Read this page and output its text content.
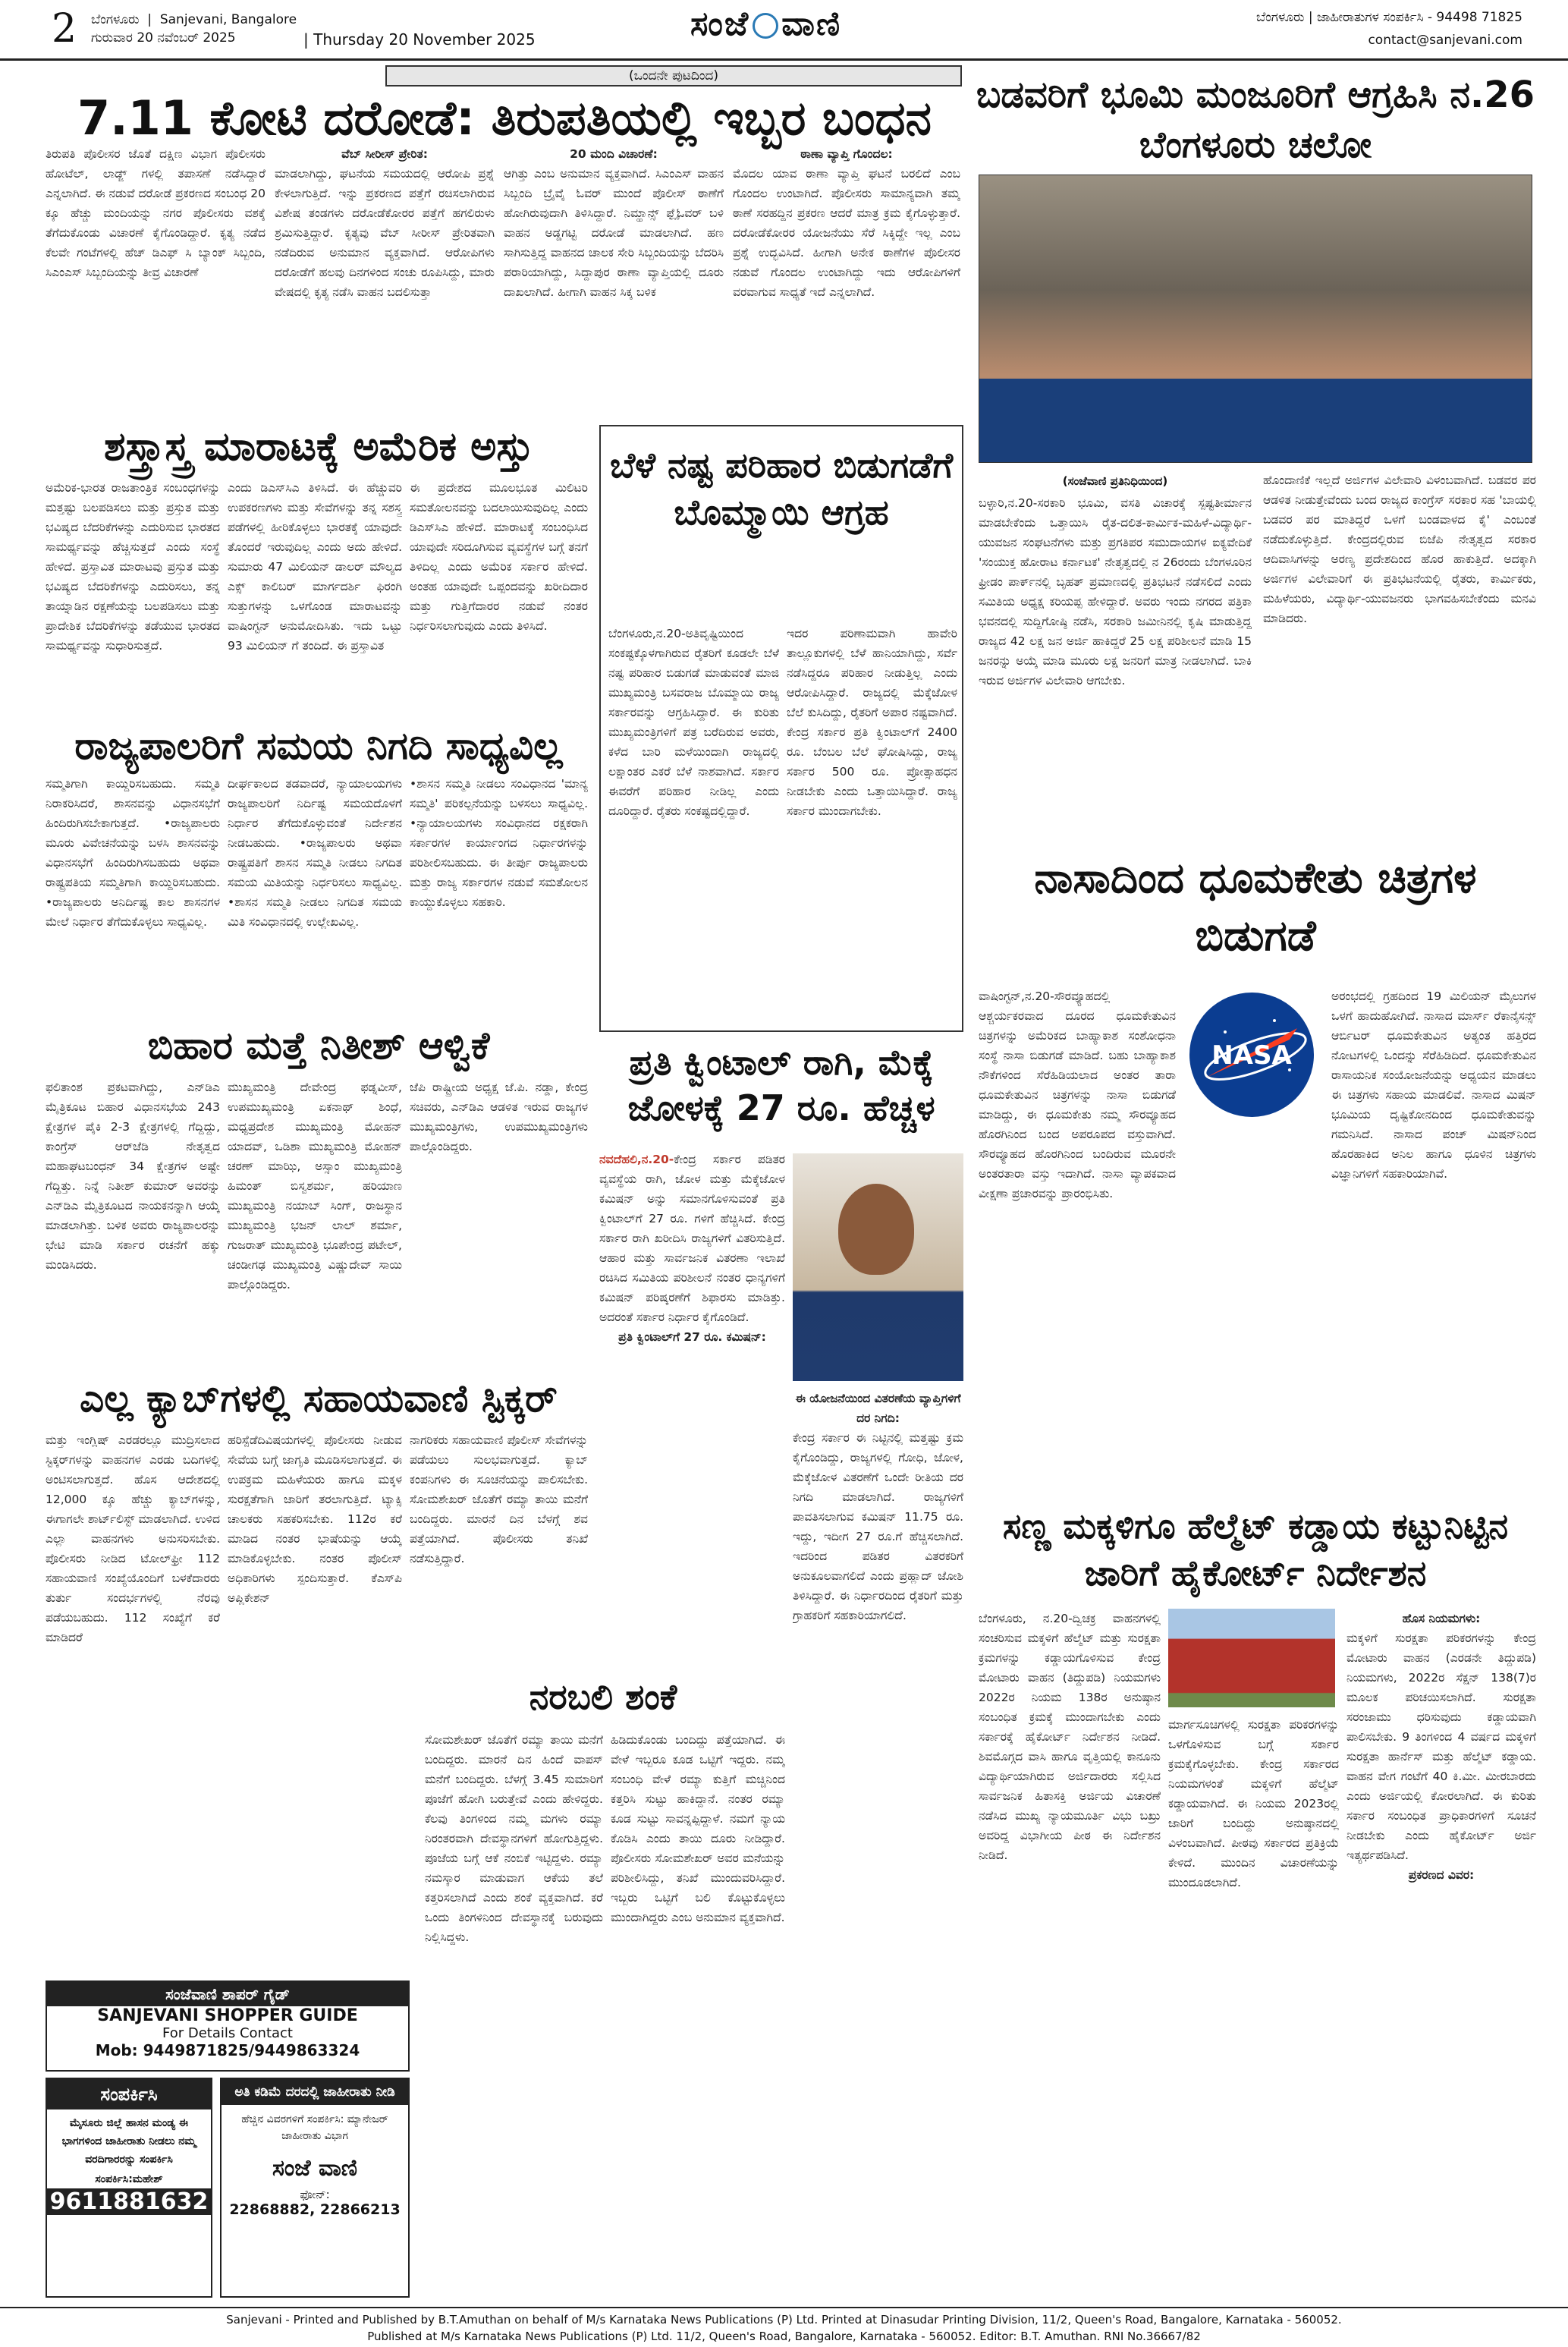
2 ಬೆಂಗಳೂರು  |  Sanjevani, Bangalore
ಗುರುವಾರ 20 ನವೆಂಬರ್ 2025	| Thursday 20 November 2025	ಸಂಜೆ ವಾಣಿ	ಬೆಂಗಳೂರು | ಜಾಹೀರಾತುಗಳ ಸಂಪರ್ಕಿಸಿ - 94498 71825
contact@sanjevani.com
(ಒಂದನೇ ಪುಟದಿಂದ)
7.11 ಕೋಟಿ ದರೋಡೆ: ತಿರುಪತಿಯಲ್ಲಿ ಇಬ್ಬರ ಬಂಧನ
ತಿರುಪತಿ ಪೊಲೀಸರ ಜೊತೆ ದಕ್ಷಿಣ ವಿಭಾಗ ಪೊಲೀಸರು ಹೋಟೆಲ್, ಲಾಡ್ಜ್ ಗಳಲ್ಲಿ ತಪಾಸಣೆ ನಡೆಸಿದ್ದಾರೆ ಎನ್ನಲಾಗಿದೆ. ಈ ನಡುವೆ ದರೋಡೆ ಪ್ರಕರಣದ ಸಂಬಂಧ 20 ಕ್ಕೂ ಹೆಚ್ಚು ಮಂದಿಯನ್ನು ನಗರ ಪೊಲೀಸರು ವಶಕ್ಕೆ ತೆಗೆದುಕೊಂಡು ವಿಚಾರಣೆ ಕೈಗೊಂಡಿದ್ದಾರೆ. ಕೃತ್ಯ ನಡೆದ ಕೆಲವೇ ಗಂಟೆಗಳಲ್ಲಿ ಹೆಚ್ ಡಿಎಫ್ ಸಿ ಬ್ಯಾಂಕ್ ಸಿಬ್ಬಂದಿ, ಸಿಎಂಎಸ್ ಸಿಬ್ಬಂದಿಯನ್ನು ತೀವ್ರ ವಿಚಾರಣೆ
ವೆಬ್ ಸೀರೀಸ್ ಪ್ರೇರಿತ:
ಮಾಡಲಾಗಿದ್ದು, ಘಟನೆಯ ಸಮಯದಲ್ಲಿ ಆರೋಪಿ ಪ್ರಶ್ನೆ ಕೇಳಲಾಗುತ್ತಿದೆ. ಇನ್ನು ಪ್ರಕರಣದ ಪತ್ತೆಗೆ ರಚಿಸಲಾಗಿರುವ ವಿಶೇಷ ತಂಡಗಳು ದರೋಡೆಕೋರರ ಪತ್ತೆಗೆ ಹಗಲಿರುಳು ಶ್ರಮಿಸುತ್ತಿದ್ದಾರೆ. ಕೃತ್ಯವು ವೆಬ್ ಸೀರೀಸ್ ಪ್ರೇರಿತವಾಗಿ ನಡೆದಿರುವ ಅನುಮಾನ ವ್ಯಕ್ತವಾಗಿದೆ. ಆರೋಪಿಗಳು ದರೋಡೆಗೆ ಹಲವು ದಿನಗಳಿಂದ ಸಂಚು ರೂಪಿಸಿದ್ದು, ಮಾರು ವೇಷದಲ್ಲಿ ಕೃತ್ಯ ನಡೆಸಿ ವಾಹನ ಬದಲಿಸುತ್ತಾ
20 ಮಂದಿ ವಿಚಾರಣೆ:
ಆಗಿತ್ತು ಎಂಬ ಅನುಮಾನ ವ್ಯಕ್ತವಾಗಿದೆ. ಸಿಎಂಎಸ್ ವಾಹನ ಸಿಬ್ಬಂದಿ ಬ್ರೈವೈ ಓವರ್ ಮುಂದೆ ಪೊಲೀಸ್ ಠಾಣೆಗೆ ಹೋಗಿರುವುದಾಗಿ ತಿಳಿಸಿದ್ದಾರೆ. ನಿಮ್ಹಾನ್ಸ್ ಫ್ಲೈಓವರ್ ಬಳಿ ವಾಹನ ಅಡ್ಡಗಟ್ಟಿ ದರೋಡೆ ಮಾಡಲಾಗಿದೆ. ಹಣ ಸಾಗಿಸುತ್ತಿದ್ದ ವಾಹನದ ಚಾಲಕ ಸೇರಿ ಸಿಬ್ಬಂದಿಯನ್ನು ಬೆದರಿಸಿ ಪರಾರಿಯಾಗಿದ್ದು, ಸಿದ್ದಾಪುರ ಠಾಣಾ ವ್ಯಾಪ್ತಿಯಲ್ಲಿ ದೂರು ದಾಖಲಾಗಿದೆ. ಹೀಗಾಗಿ ವಾಹನ ಸಿಕ್ಕ ಬಳಿಕ
ಠಾಣಾ ವ್ಯಾಪ್ತಿ ಗೊಂದಲ:
ಮೊದಲ ಯಾವ ಠಾಣಾ ವ್ಯಾಪ್ತಿ ಘಟನೆ ಬರಲಿದೆ ಎಂಬ ಗೊಂದಲ ಉಂಟಾಗಿದೆ. ಪೊಲೀಸರು ಸಾಮಾನ್ಯವಾಗಿ ತಮ್ಮ ಠಾಣೆ ಸರಹದ್ದಿನ ಪ್ರಕರಣ ಆದರೆ ಮಾತ್ರ ಕ್ರಮ ಕೈಗೊಳ್ಳುತ್ತಾರೆ. ದರೋಡೆಕೋರರ ಯೋಜನೆಯು ಸೆರೆ ಸಿಕ್ಕಿದ್ದೇ ಇಲ್ಲ ಎಂಬ ಪ್ರಶ್ನೆ ಉದ್ಭವಿಸಿದೆ. ಹೀಗಾಗಿ ಅನೇಕ ಠಾಣೆಗಳ ಪೊಲೀಸರ ನಡುವೆ ಗೊಂದಲ ಉಂಟಾಗಿದ್ದು ಇದು ಆರೋಪಿಗಳಿಗೆ ವರವಾಗುವ ಸಾಧ್ಯತೆ ಇದೆ ಎನ್ನಲಾಗಿದೆ.
ಶಸ್ತ್ರಾಸ್ತ್ರ ಮಾರಾಟಕ್ಕೆ ಅಮೆರಿಕ ಅಸ್ತು
ಅಮೆರಿಕ-ಭಾರತ ರಾಜತಾಂತ್ರಿಕ ಸಂಬಂಧಗಳನ್ನು ಮತ್ತಷ್ಟು ಬಲಪಡಿಸಲು ಮತ್ತು ಪ್ರಸ್ತುತ ಮತ್ತು ಭವಿಷ್ಯದ ಬೆದರಿಕೆಗಳನ್ನು ಎದುರಿಸುವ ಭಾರತದ ಸಾಮರ್ಥ್ಯವನ್ನು ಹೆಚ್ಚಿಸುತ್ತದೆ ಎಂದು ಸಂಸ್ಥೆ ಹೇಳಿದೆ. ಪ್ರಸ್ತಾವಿತ ಮಾರಾಟವು ಪ್ರಸ್ತುತ ಮತ್ತು ಭವಿಷ್ಯದ ಬೆದರಿಕೆಗಳನ್ನು ಎದುರಿಸಲು, ತನ್ನ ತಾಯ್ನಾಡಿನ ರಕ್ಷಣೆಯನ್ನು ಬಲಪಡಿಸಲು ಮತ್ತು ಪ್ರಾದೇಶಿಕ ಬೆದರಿಕೆಗಳನ್ನು ತಡೆಯುವ ಭಾರತದ ಸಾಮರ್ಥ್ಯವನ್ನು ಸುಧಾರಿಸುತ್ತದೆ.
ಎಂದು ಡಿಎಸ್‌ಸಿಎ ತಿಳಿಸಿದೆ. ಈ ಹೆಚ್ಚುವರಿ ಉಪಕರಣಗಳು ಮತ್ತು ಸೇವೆಗಳನ್ನು ತನ್ನ ಸಶಸ್ತ್ರ ಪಡೆಗಳಲ್ಲಿ ಹೀರಿಕೊಳ್ಳಲು ಭಾರತಕ್ಕೆ ಯಾವುದೇ ತೊಂದರೆ ಇರುವುದಿಲ್ಲ ಎಂದು ಅದು ಹೇಳಿದೆ. ಸುಮಾರು 47 ಮಿಲಿಯನ್ ಡಾಲರ್ ಮೌಲ್ಯದ ಎಕ್ಸ್ ಕಾಲಿಬರ್ ಮಾರ್ಗದರ್ಶಿ ಫಿರಂಗಿ ಸುತ್ತುಗಳನ್ನು ಒಳಗೊಂಡ ಮಾರಾಟವನ್ನು ವಾಷಿಂಗ್ಟನ್ ಅನುಮೋದಿಸಿತು. ಇದು ಒಟ್ಟು 93 ಮಿಲಿಯನ್ ಗೆ ತಂದಿದೆ. ಈ ಪ್ರಸ್ತಾವಿತ
ಈ ಪ್ರದೇಶದ ಮೂಲಭೂತ ಮಿಲಿಟರಿ ಸಮತೋಲನವನ್ನು ಬದಲಾಯಿಸುವುದಿಲ್ಲ ಎಂದು ಡಿಎಸ್‌ಸಿಎ ಹೇಳಿದೆ. ಮಾರಾಟಕ್ಕೆ ಸಂಬಂಧಿಸಿದ ಯಾವುದೇ ಸರಿದೂಗಿಸುವ ವ್ಯವಸ್ಥೆಗಳ ಬಗ್ಗೆ ತನಗೆ ತಿಳಿದಿಲ್ಲ ಎಂದು ಅಮೆರಿಕ ಸರ್ಕಾರ ಹೇಳಿದೆ. ಅಂತಹ ಯಾವುದೇ ಒಪ್ಪಂದವನ್ನು ಖರೀದಿದಾರ ಮತ್ತು ಗುತ್ತಿಗೆದಾರರ ನಡುವೆ ನಂತರ ನಿರ್ಧರಿಸಲಾಗುವುದು ಎಂದು ತಿಳಿಸಿದೆ.
ರಾಜ್ಯಪಾಲರಿಗೆ ಸಮಯ ನಿಗದಿ ಸಾಧ್ಯವಿಲ್ಲ
ಸಮ್ಮತಿಗಾಗಿ ಕಾಯ್ದಿರಿಸಬಹುದು. ಸಮ್ಮತಿ ನಿರಾಕರಿಸಿದರೆ, ಶಾಸನವನ್ನು ವಿಧಾನಸಭೆಗೆ ಹಿಂದಿರುಗಿಸಬೇಕಾಗುತ್ತದೆ. •ರಾಜ್ಯಪಾಲರು ಮೂರು ವಿವೇಚನೆಯನ್ನು ಬಳಸಿ ಶಾಸನವನ್ನು ವಿಧಾನಸಭೆಗೆ ಹಿಂದಿರುಗಿಸಬಹುದು ಅಥವಾ ರಾಷ್ಟ್ರಪತಿಯ ಸಮ್ಮತಿಗಾಗಿ ಕಾಯ್ದಿರಿಸಬಹುದು. •ರಾಜ್ಯಪಾಲರು ಅನಿರ್ದಿಷ್ಟ ಕಾಲ ಶಾಸನಗಳ ಮೇಲೆ ನಿರ್ಧಾರ ತೆಗೆದುಕೊಳ್ಳಲು ಸಾಧ್ಯವಿಲ್ಲ.
ದೀರ್ಘಕಾಲದ ತಡವಾದರೆ, ನ್ಯಾಯಾಲಯಗಳು ರಾಜ್ಯಪಾಲರಿಗೆ ನಿರ್ದಿಷ್ಟ ಸಮಯದೊಳಗೆ ನಿರ್ಧಾರ ತೆಗೆದುಕೊಳ್ಳುವಂತೆ ನಿರ್ದೇಶನ ನೀಡಬಹುದು. •ರಾಜ್ಯಪಾಲರು ಅಥವಾ ರಾಷ್ಟ್ರಪತಿಗೆ ಶಾಸನ ಸಮ್ಮತಿ ನೀಡಲು ನಿಗದಿತ ಸಮಯ ಮಿತಿಯನ್ನು ನಿರ್ಧರಿಸಲು ಸಾಧ್ಯವಿಲ್ಲ. •ಶಾಸನ ಸಮ್ಮತಿ ನೀಡಲು ನಿಗದಿತ ಸಮಯ ಮಿತಿ ಸಂವಿಧಾನದಲ್ಲಿ ಉಲ್ಲೇಖವಿಲ್ಲ.
•ಶಾಸನ ಸಮ್ಮತಿ ನೀಡಲು ಸಂವಿಧಾನದ 'ಮಾನ್ಯ ಸಮ್ಮತಿ' ಪರಿಕಲ್ಪನೆಯನ್ನು ಬಳಸಲು ಸಾಧ್ಯವಿಲ್ಲ. •ನ್ಯಾಯಾಲಯಗಳು ಸಂವಿಧಾನದ ರಕ್ಷಕರಾಗಿ ಸರ್ಕಾರಗಳ ಕಾರ್ಯಾಂಗದ ನಿರ್ಧಾರಗಳನ್ನು ಪರಿಶೀಲಿಸಬಹುದು. ಈ ತೀರ್ಪು ರಾಜ್ಯಪಾಲರು ಮತ್ತು ರಾಜ್ಯ ಸರ್ಕಾರಗಳ ನಡುವೆ ಸಮತೋಲನ ಕಾಯ್ದುಕೊಳ್ಳಲು ಸಹಕಾರಿ.
ಬೆಳೆ ನಷ್ಟ ಪರಿಹಾರ ಬಿಡುಗಡೆಗೆ ಬೊಮ್ಮಾಯಿ ಆಗ್ರಹ
ಬೆಂಗಳೂರು,ನ.20-ಅತಿವೃಷ್ಟಿಯಿಂದ ಸಂಕಷ್ಟಕ್ಕೊಳಗಾಗಿರುವ ರೈತರಿಗೆ ಕೂಡಲೇ ಬೆಳೆ ನಷ್ಟ ಪರಿಹಾರ ಬಿಡುಗಡೆ ಮಾಡುವಂತೆ ಮಾಜಿ ಮುಖ್ಯಮಂತ್ರಿ ಬಸವರಾಜ ಬೊಮ್ಮಾಯಿ ರಾಜ್ಯ ಸರ್ಕಾರವನ್ನು ಆಗ್ರಹಿಸಿದ್ದಾರೆ. ಈ ಕುರಿತು ಮುಖ್ಯಮಂತ್ರಿಗಳಿಗೆ ಪತ್ರ ಬರೆದಿರುವ ಅವರು, ಕಳೆದ ಬಾರಿ ಮಳೆಯಿಂದಾಗಿ ರಾಜ್ಯದಲ್ಲಿ ಲಕ್ಷಾಂತರ ಎಕರೆ ಬೆಳೆ ನಾಶವಾಗಿದೆ. ಸರ್ಕಾರ ಈವರೆಗೆ ಪರಿಹಾರ ನೀಡಿಲ್ಲ ಎಂದು ದೂರಿದ್ದಾರೆ. ರೈತರು ಸಂಕಷ್ಟದಲ್ಲಿದ್ದಾರೆ.
ಇದರ ಪರಿಣಾಮವಾಗಿ ಹಾವೇರಿ ತಾಲ್ಲೂಕುಗಳಲ್ಲಿ ಬೆಳೆ ಹಾನಿಯಾಗಿದ್ದು, ಸರ್ವೆ ನಡೆಸಿದ್ದರೂ ಪರಿಹಾರ ನೀಡುತ್ತಿಲ್ಲ ಎಂದು ಆರೋಪಿಸಿದ್ದಾರೆ. ರಾಜ್ಯದಲ್ಲಿ ಮೆಕ್ಕೆಜೋಳ ಬೆಲೆ ಕುಸಿದಿದ್ದು, ರೈತರಿಗೆ ಅಪಾರ ನಷ್ಟವಾಗಿದೆ. ಕೇಂದ್ರ ಸರ್ಕಾರ ಪ್ರತಿ ಕ್ವಿಂಟಾಲ್‌ಗೆ 2400 ರೂ. ಬೆಂಬಲ ಬೆಲೆ ಘೋಷಿಸಿದ್ದು, ರಾಜ್ಯ ಸರ್ಕಾರ 500 ರೂ. ಪ್ರೋತ್ಸಾಹಧನ ನೀಡಬೇಕು ಎಂದು ಒತ್ತಾಯಿಸಿದ್ದಾರೆ. ರಾಜ್ಯ ಸರ್ಕಾರ ಮುಂದಾಗಬೇಕು.
ಬಿಹಾರ ಮತ್ತೆ ನಿತೀಶ್ ಆಳ್ವಿಕೆ
ಫಲಿತಾಂಶ ಪ್ರಕಟವಾಗಿದ್ದು, ಎನ್‌ಡಿಎ ಮೈತ್ರಿಕೂಟ ಬಿಹಾರ ವಿಧಾನಸಭೆಯ 243 ಕ್ಷೇತ್ರಗಳ ಪೈಕಿ 2-3 ಕ್ಷೇತ್ರಗಳಲ್ಲಿ ಗೆದ್ದಿದ್ದು, ಕಾಂಗ್ರೆಸ್ ಆರ್‌ಜೆಡಿ ನೇತೃತ್ವದ ಮಹಾಘಟಬಂಧನ್ 34 ಕ್ಷೇತ್ರಗಳ ಅಷ್ಟೇ ಗೆದ್ದಿತ್ತು. ನಿನ್ನೆ ನಿತೀಶ್ ಕುಮಾರ್ ಅವರನ್ನು ಎನ್‌ಡಿಎ ಮೈತ್ರಿಕೂಟದ ನಾಯಕನನ್ನಾಗಿ ಆಯ್ಕೆ ಮಾಡಲಾಗಿತ್ತು. ಬಳಿಕ ಅವರು ರಾಜ್ಯಪಾಲರನ್ನು ಭೇಟಿ ಮಾಡಿ ಸರ್ಕಾರ ರಚನೆಗೆ ಹಕ್ಕು ಮಂಡಿಸಿದರು.
ಮುಖ್ಯಮಂತ್ರಿ ದೇವೇಂದ್ರ ಫಡ್ನವೀಸ್, ಉಪಮುಖ್ಯಮಂತ್ರಿ ಏಕನಾಥ್ ಶಿಂಧೆ, ಮಧ್ಯಪ್ರದೇಶ ಮುಖ್ಯಮಂತ್ರಿ ಮೋಹನ್ ಯಾದವ್, ಒಡಿಶಾ ಮುಖ್ಯಮಂತ್ರಿ ಮೋಹನ್ ಚರಣ್ ಮಾಝಿ, ಅಸ್ಸಾಂ ಮುಖ್ಯಮಂತ್ರಿ ಹಿಮಂತ್ ಬಿಸ್ವಶರ್ಮ, ಹರಿಯಾಣ ಮುಖ್ಯಮಂತ್ರಿ ನಯಾಬ್ ಸಿಂಗ್, ರಾಜಸ್ಥಾನ ಮುಖ್ಯಮಂತ್ರಿ ಭಜನ್ ಲಾಲ್ ಶರ್ಮಾ, ಗುಜರಾತ್ ಮುಖ್ಯಮಂತ್ರಿ ಭೂಪೇಂದ್ರ ಪಟೇಲ್, ಚಂಡೀಗಢ ಮುಖ್ಯಮಂತ್ರಿ ವಿಷ್ಣುದೇವ್ ಸಾಯಿ ಪಾಲ್ಗೊಂಡಿದ್ದರು.
ಜೆಪಿ ರಾಷ್ಟ್ರೀಯ ಅಧ್ಯಕ್ಷ ಜೆ.ಪಿ. ನಡ್ಡಾ, ಕೇಂದ್ರ ಸಚಿವರು, ಎನ್‌ಡಿಎ ಆಡಳಿತ ಇರುವ ರಾಜ್ಯಗಳ ಮುಖ್ಯಮಂತ್ರಿಗಳು, ಉಪಮುಖ್ಯಮಂತ್ರಿಗಳು ಪಾಲ್ಗೊಂಡಿದ್ದರು.
ಎಲ್ಲ ಕ್ಯಾಬ್‌ಗಳಲ್ಲಿ ಸಹಾಯವಾಣಿ ಸ್ಟಿಕ್ಕರ್
ಮತ್ತು ಇಂಗ್ಲಿಷ್ ಎರಡರಲ್ಲೂ ಮುದ್ರಿಸಲಾದ ಸ್ಟಿಕ್ಕರ್‌ಗಳನ್ನು ವಾಹನಗಳ ಎರಡು ಬದಿಗಳಲ್ಲಿ ಅಂಟಿಸಲಾಗುತ್ತದೆ. ಹೊಸ ಆದೇಶದಲ್ಲಿ 12,000 ಕ್ಕೂ ಹೆಚ್ಚು ಕ್ಯಾಬ್‌ಗಳನ್ನು, ಈಗಾಗಲೇ ಶಾರ್ಟ್‌ಲಿಸ್ಟ್ ಮಾಡಲಾಗಿದೆ. ಉಳಿದ ಎಲ್ಲಾ ವಾಹನಗಳು ಅನುಸರಿಸಬೇಕು. ಪೊಲೀಸರು ನೀಡಿದ ಟೋಲ್‌ಫ್ರೀ 112 ಸಹಾಯವಾಣಿ ಸಂಖ್ಯೆಯೊಂದಿಗೆ ಬಳಕೆದಾರರು ತುರ್ತು ಸಂದರ್ಭಗಳಲ್ಲಿ ನೆರವು ಪಡೆಯಬಹುದು. 112 ಸಂಖ್ಯೆಗೆ ಕರೆ ಮಾಡಿದರೆ
ಹರಿಸ್ಪೆಡೆದಿವಿಷಯಗಳಲ್ಲಿ ಪೊಲೀಸರು ನೀಡುವ ಸೇವೆಯ ಬಗ್ಗೆ ಜಾಗೃತಿ ಮೂಡಿಸಲಾಗುತ್ತದೆ. ಈ ಉಪಕ್ರಮ ಮಹಿಳೆಯರು ಹಾಗೂ ಮಕ್ಕಳ ಸುರಕ್ಷತೆಗಾಗಿ ಜಾರಿಗೆ ತರಲಾಗುತ್ತಿದೆ. ಟ್ಯಾಕ್ಸಿ ಚಾಲಕರು ಸಹಕರಿಸಬೇಕು. 112ರ ಕರೆ ಮಾಡಿದ ನಂತರ ಭಾಷೆಯನ್ನು ಆಯ್ಕೆ ಮಾಡಿಕೊಳ್ಳಬೇಕು. ನಂತರ ಪೊಲೀಸ್ ಅಧಿಕಾರಿಗಳು ಸ್ಪಂದಿಸುತ್ತಾರೆ. ಕೆಎಸ್‌ಪಿ ಅಪ್ಲಿಕೇಶನ್
ನಾಗರಿಕರು ಸಹಾಯವಾಣಿ ಪೊಲೀಸ್ ಸೇವೆಗಳನ್ನು ಪಡೆಯಲು ಸುಲಭವಾಗುತ್ತದೆ. ಕ್ಯಾಬ್ ಕಂಪನಿಗಳು ಈ ಸೂಚನೆಯನ್ನು ಪಾಲಿಸಬೇಕು. ಸೋಮಶೇಖರ್ ಜೊತೆಗೆ ರಮ್ಯಾ ತಾಯಿ ಮನೆಗೆ ಬಂದಿದ್ದರು. ಮಾರನೆ ದಿನ ಬೆಳಗ್ಗೆ ಶವ ಪತ್ತೆಯಾಗಿದೆ. ಪೊಲೀಸರು ತನಿಖೆ ನಡೆಸುತ್ತಿದ್ದಾರೆ.
ಪ್ರತಿ ಕ್ವಿಂಟಾಲ್ ರಾಗಿ, ಮೆಕ್ಕೆ ಜೋಳಕ್ಕೆ 27 ರೂ. ಹೆಚ್ಚಳ
ನವದೆಹಲಿ,ನ.20-ಕೇಂದ್ರ ಸರ್ಕಾರ ಪಡಿತರ ವ್ಯವಸ್ಥೆಯ ರಾಗಿ, ಜೋಳ ಮತ್ತು ಮೆಕ್ಕೆಜೋಳ ಕಮಿಷನ್ ಅನ್ನು ಸಮಾನಗೊಳಿಸುವಂತೆ ಪ್ರತಿ ಕ್ವಿಂಟಾಲ್‌ಗೆ 27 ರೂ. ಗಳಿಗೆ ಹೆಚ್ಚಿಸಿದೆ. ಕೇಂದ್ರ ಸರ್ಕಾರ ರಾಗಿ ಖರೀದಿಸಿ ರಾಜ್ಯಗಳಿಗೆ ವಿತರಿಸುತ್ತಿದೆ. ಆಹಾರ ಮತ್ತು ಸಾರ್ವಜನಿಕ ವಿತರಣಾ ಇಲಾಖೆ ರಚಿಸಿದ ಸಮಿತಿಯ ಪರಿಶೀಲನೆ ನಂತರ ಧಾನ್ಯಗಳಿಗೆ ಕಮಿಷನ್ ಪರಿಷ್ಕರಣೆಗೆ ಶಿಫಾರಸು ಮಾಡಿತ್ತು. ಅದರಂತೆ ಸರ್ಕಾರ ನಿರ್ಧಾರ ಕೈಗೊಂಡಿದೆ.

ಪ್ರತಿ ಕ್ವಿಂಟಾಲ್‌ಗೆ 27 ರೂ. ಕಮಿಷನ್:
ಈ ಯೋಜನೆಯಿಂದ ವಿತರಣೆಯ ವ್ಯಾಪ್ತಿಗಳಿಗೆ ದರ ನಿಗದಿ:
ಕೇಂದ್ರ ಸರ್ಕಾರ ಈ ನಿಟ್ಟಿನಲ್ಲಿ ಮತ್ತಷ್ಟು ಕ್ರಮ ಕೈಗೊಂಡಿದ್ದು, ರಾಜ್ಯಗಳಲ್ಲಿ ಗೋಧಿ, ಜೋಳ, ಮೆಕ್ಕೆಜೋಳ ವಿತರಣೆಗೆ ಒಂದೇ ರೀತಿಯ ದರ ನಿಗದಿ ಮಾಡಲಾಗಿದೆ. ರಾಜ್ಯಗಳಿಗೆ ಪಾವತಿಸಲಾಗುವ ಕಮಿಷನ್ 11.75 ರೂ. ಇದ್ದು, ಇದೀಗ 27 ರೂ.ಗೆ ಹೆಚ್ಚಿಸಲಾಗಿದೆ. ಇದರಿಂದ ಪಡಿತರ ವಿತರಕರಿಗೆ ಅನುಕೂಲವಾಗಲಿದೆ ಎಂದು ಪ್ರಹ್ಲಾದ್ ಜೋಶಿ ತಿಳಿಸಿದ್ದಾರೆ. ಈ ನಿರ್ಧಾರದಿಂದ ರೈತರಿಗೆ ಮತ್ತು ಗ್ರಾಹಕರಿಗೆ ಸಹಕಾರಿಯಾಗಲಿದೆ.
ನರಬಲಿ ಶಂಕೆ
ಸೋಮಶೇಖರ್ ಜೊತೆಗೆ ರಮ್ಯಾ ತಾಯಿ ಮನೆಗೆ ಬಂದಿದ್ದರು. ಮಾರನೆ ದಿನ ಹಿಂದೆ ವಾಪಸ್ ಮನೆಗೆ ಬಂದಿದ್ದರು. ಬೆಳಗ್ಗೆ 3.45 ಸುಮಾರಿಗೆ ಪೂಜೆಗೆ ಹೋಗಿ ಬರುತ್ತೇವೆ ಎಂದು ಹೇಳಿದ್ದರು. ಕೆಲವು ತಿಂಗಳಿಂದ ನಮ್ಮ ಮಗಳು ರಮ್ಯಾ ನಿರಂತರವಾಗಿ ದೇವಸ್ಥಾನಗಳಿಗೆ ಹೋಗುತ್ತಿದ್ದಳು. ಪೂಜೆಯ ಬಗ್ಗೆ ಆಕೆ ನಂಬಿಕೆ ಇಟ್ಟಿದ್ದಳು. ರಮ್ಯಾ ನಮಸ್ಕಾರ ಮಾಡುವಾಗ ಆಕೆಯ ತಲೆ ಕತ್ತರಿಸಲಾಗಿದೆ ಎಂದು ಶಂಕೆ ವ್ಯಕ್ತವಾಗಿದೆ. ಕರೆ ಒಂದು ತಿಂಗಳಿನಿಂದ ದೇವಸ್ಥಾನಕ್ಕೆ ಬರುವುದು ನಿಲ್ಲಿಸಿದ್ದಳು.
ಹಿಡಿದುಕೊಂಡು ಬಂದಿದ್ದು ಪತ್ತೆಯಾಗಿದೆ. ಈ ವೇಳೆ ಇಬ್ಬರೂ ಕೂಡ ಒಟ್ಟಿಗೆ ಇದ್ದರು. ನಮ್ಮ ಸಂಬಂಧಿ ವೇಳೆ ರಮ್ಯಾ ಕುತ್ತಿಗೆ ಮಚ್ಚಿನಿಂದ ಕತ್ತರಿಸಿ ಸುಟ್ಟು ಹಾಕಿದ್ದಾನೆ. ನಂತರ ರಮ್ಯಾ ಕೂಡ ಸುಟ್ಟು ಸಾವನ್ನಪ್ಪಿದ್ದಾಳೆ. ನಮಗೆ ನ್ಯಾಯ ಕೊಡಿಸಿ ಎಂದು ತಾಯಿ ದೂರು ನೀಡಿದ್ದಾರೆ. ಪೊಲೀಸರು ಸೋಮಶೇಖರ್ ಅವರ ಮನೆಯನ್ನು ಪರಿಶೀಲಿಸಿದ್ದು, ತನಿಖೆ ಮುಂದುವರಿಸಿದ್ದಾರೆ. ಇಬ್ಬರು ಒಟ್ಟಿಗೆ ಬಲಿ ಕೊಟ್ಟುಕೊಳ್ಳಲು ಮುಂದಾಗಿದ್ದರು ಎಂಬ ಅನುಮಾನ ವ್ಯಕ್ತವಾಗಿದೆ.
ಸಂಜೆವಾಣಿ ಶಾಪರ್ ಗೈಡ್
SANJEVANI SHOPPER GUIDE
For Details Contact
Mob: 9449871825/9449863324
ಸಂಪರ್ಕಿಸಿ
ಮೈಸೂರು ಜಿಲ್ಲೆ ಹಾಸನ ಮಂಡ್ಯ ಈ ಭಾಗಗಳಿಂದ ಜಾಹೀರಾತು ನೀಡಲು ನಮ್ಮ ವರದಿಗಾರರನ್ನು ಸಂಪರ್ಕಿಸಿ
ಸಂಪರ್ಕಿಸಿ:ಮಹೇಶ್
9611881632
ಅತಿ ಕಡಿಮೆ ದರದಲ್ಲಿ ಜಾಹೀರಾತು ನೀಡಿ
ಹೆಚ್ಚಿನ ವಿವರಗಳಿಗೆ ಸಂಪರ್ಕಿಸಿ: ಮ್ಯಾನೇಜರ್ ಜಾಹೀರಾತು ವಿಭಾಗ
ಸಂಜೆ ವಾಣಿ
ಫೋನ್:
22868882, 22866213
ಬಡವರಿಗೆ ಭೂಮಿ ಮಂಜೂರಿಗೆ ಆಗ್ರಹಿಸಿ ನ.26 ಬೆಂಗಳೂರು ಚಲೋ
(ಸಂಜೆವಾಣಿ ಪ್ರತಿನಿಧಿಯಿಂದ)
ಬಳ್ಳಾರಿ,ನ.20-ಸರಕಾರಿ ಭೂಮಿ, ವಸತಿ ವಿಚಾರಕ್ಕೆ ಸ್ಪಷ್ಟತೀರ್ಮಾನ ಮಾಡಬೇಕೆಂದು ಒತ್ತಾಯಿಸಿ ರೈತ-ದಲಿತ-ಕಾರ್ಮಿಕ-ಮಹಿಳೆ-ವಿದ್ಯಾರ್ಥಿ-ಯುವಜನ ಸಂಘಟನೆಗಳು ಮತ್ತು ಪ್ರಗತಿಪರ ಸಮುದಾಯಗಳ ಐಕ್ಯವೇದಿಕೆ 'ಸಂಯುಕ್ತ ಹೋರಾಟ ಕರ್ನಾಟಕ' ನೇತೃತ್ವದಲ್ಲಿ ನ 26ರಂದು ಬೆಂಗಳೂರಿನ ಫ್ರೀಡಂ ಪಾರ್ಕ್‌ನಲ್ಲಿ ಬೃಹತ್ ಪ್ರಮಾಣದಲ್ಲಿ ಪ್ರತಿಭಟನೆ ನಡೆಸಲಿದೆ ಎಂದು ಸಮಿತಿಯ ಅಧ್ಯಕ್ಷ ಕರಿಯಪ್ಪ ಹೇಳಿದ್ದಾರೆ. ಅವರು ಇಂದು ನಗರದ ಪತ್ರಿಕಾ ಭವನದಲ್ಲಿ ಸುದ್ದಿಗೋಷ್ಠಿ ನಡೆಸಿ, ಸರಕಾರಿ ಜಮೀನಿನಲ್ಲಿ ಕೃಷಿ ಮಾಡುತ್ತಿದ್ದ ರಾಜ್ಯದ 42 ಲಕ್ಷ ಜನ ಅರ್ಜಿ ಹಾಕಿದ್ದರೆ 25 ಲಕ್ಷ ಪರಿಶೀಲನೆ ಮಾಡಿ 15 ಜನರನ್ನು ಅಯ್ಕೆ ಮಾಡಿ ಮೂರು ಲಕ್ಷ ಜನರಿಗೆ ಮಾತ್ರ ನೀಡಲಾಗಿದೆ. ಬಾಕಿ ಇರುವ ಅರ್ಜಿಗಳ ವಿಲೇವಾರಿ ಆಗಬೇಕು.
ಹೊಂದಾಣಿಕೆ ಇಲ್ಲದೆ ಅರ್ಜಿಗಳ ವಿಲೇವಾರಿ ವಿಳಂಬವಾಗಿದೆ. ಬಡವರ ಪರ ಆಡಳಿತ ನೀಡುತ್ತೇವೆಂದು ಬಂದ ರಾಜ್ಯದ ಕಾಂಗ್ರೆಸ್ ಸರಕಾರ ಸಹ 'ಬಾಯಲ್ಲಿ ಬಡವರ ಪರ ಮಾತಿದ್ದರೆ ಒಳಗೆ ಬಂಡವಾಳದ ಕೈ' ಎಂಬಂತೆ ನಡೆದುಕೊಳ್ಳುತ್ತಿದೆ. ಕೇಂದ್ರದಲ್ಲಿರುವ ಬಿಜೆಪಿ ನೇತೃತ್ವದ ಸರಕಾರ ಆದಿವಾಸಿಗಳನ್ನು ಅರಣ್ಯ ಪ್ರದೇಶದಿಂದ ಹೊರ ಹಾಕುತ್ತಿದೆ. ಅದಕ್ಕಾಗಿ ಅರ್ಜಿಗಳ ವಿಲೇವಾರಿಗೆ ಈ ಪ್ರತಿಭಟನೆಯಲ್ಲಿ ರೈತರು, ಕಾರ್ಮಿಕರು, ಮಹಿಳೆಯರು, ವಿದ್ಯಾರ್ಥಿ-ಯುವಜನರು ಭಾಗವಹಿಸಬೇಕೆಂದು ಮನವಿ ಮಾಡಿದರು.
ನಾಸಾದಿಂದ ಧೂಮಕೇತು ಚಿತ್ರಗಳ ಬಿಡುಗಡೆ
NASA
ವಾಷಿಂಗ್ಟನ್,ನ.20-ಸೌರವ್ಯೂಹದಲ್ಲಿ ಆಶ್ಚರ್ಯಕರವಾದ ದೂರದ ಧೂಮಕೇತುವಿನ ಚಿತ್ರಗಳನ್ನು ಅಮೆರಿಕದ ಬಾಹ್ಯಾಕಾಶ ಸಂಶೋಧನಾ ಸಂಸ್ಥೆ ನಾಸಾ ಬಿಡುಗಡೆ ಮಾಡಿದೆ. ಬಹು ಬಾಹ್ಯಾಕಾಶ ನೌಕೆಗಳಿಂದ ಸೆರೆಹಿಡಿಯಲಾದ ಅಂತರ ತಾರಾ ಧೂಮಕೇತುವಿನ ಚಿತ್ರಗಳನ್ನು ನಾಸಾ ಬಿಡುಗಡೆ ಮಾಡಿದ್ದು, ಈ ಧೂಮಕೇತು ನಮ್ಮ ಸೌರವ್ಯೂಹದ ಹೊರಗಿನಿಂದ ಬಂದ ಅಪರೂಪದ ವಸ್ತುವಾಗಿದೆ. ಸೌರವ್ಯೂಹದ ಹೊರಗಿನಿಂದ ಬಂದಿರುವ ಮೂರನೇ ಅಂತರತಾರಾ ವಸ್ತು ಇದಾಗಿದೆ. ನಾಸಾ ವ್ಯಾಪಕವಾದ ವೀಕ್ಷಣಾ ಪ್ರಚಾರವನ್ನು ಪ್ರಾರಂಭಿಸಿತು.
ಅರಂಭದಲ್ಲಿ ಗ್ರಹದಿಂದ 19 ಮಿಲಿಯನ್ ಮೈಲುಗಳ ಒಳಗೆ ಹಾದುಹೋಗಿದೆ. ನಾಸಾದ ಮಾರ್ಸ್ ರೆಕಾನೈಸನ್ಸ್ ಆರ್ಬಿಟರ್ ಧೂಮಕೇತುವಿನ ಅತ್ಯಂತ ಹತ್ತಿರದ ನೋಟಗಳಲ್ಲಿ ಒಂದನ್ನು ಸೆರೆಹಿಡಿದಿದೆ. ಧೂಮಕೇತುವಿನ ರಾಸಾಯನಿಕ ಸಂಯೋಜನೆಯನ್ನು ಅಧ್ಯಯನ ಮಾಡಲು ಈ ಚಿತ್ರಗಳು ಸಹಾಯ ಮಾಡಲಿವೆ. ನಾಸಾದ ಮಿಷನ್ ಭೂಮಿಯ ದೃಷ್ಟಿಕೋನದಿಂದ ಧೂಮಕೇತುವನ್ನು ಗಮನಿಸಿದೆ. ನಾಸಾದ ಪಂಚ್ ಮಿಷನ್‌ನಿಂದ ಹೊರಹಾಕಿದ ಅನಿಲ ಹಾಗೂ ಧೂಳಿನ ಚಿತ್ರಗಳು ವಿಜ್ಞಾನಿಗಳಿಗೆ ಸಹಕಾರಿಯಾಗಿವೆ.
ಸಣ್ಣ ಮಕ್ಕಳಿಗೂ ಹೆಲ್ಮೆಟ್ ಕಡ್ಡಾಯ ಕಟ್ಟುನಿಟ್ಟಿನ ಜಾರಿಗೆ ಹೈಕೋರ್ಟ್ ನಿರ್ದೇಶನ
ಬೆಂಗಳೂರು, ನ.20-ದ್ವಿಚಕ್ರ ವಾಹನಗಳಲ್ಲಿ ಸಂಚರಿಸುವ ಮಕ್ಕಳಿಗೆ ಹೆಲ್ಮೆಟ್ ಮತ್ತು ಸುರಕ್ಷತಾ ಕ್ರಮಗಳನ್ನು ಕಡ್ಡಾಯಗೊಳಿಸುವ ಕೇಂದ್ರ ಮೋಟಾರು ವಾಹನ (ತಿದ್ದುಪಡಿ) ನಿಯಮಗಳು 2022ರ ನಿಯಮ 138ರ ಅನುಷ್ಠಾನ ಸಂಬಂಧಿತ ಕ್ರಮಕ್ಕೆ ಮುಂದಾಗಬೇಕು ಎಂದು ಸರ್ಕಾರಕ್ಕೆ ಹೈಕೋರ್ಟ್ ನಿರ್ದೇಶನ ನೀಡಿದೆ. ಶಿವಮೊಗ್ಗದ ವಾಸಿ ಹಾಗೂ ವೃತ್ತಿಯಲ್ಲಿ ಕಾನೂನು ವಿದ್ಯಾರ್ಥಿಯಾಗಿರುವ ಅರ್ಜಿದಾರರು ಸಲ್ಲಿಸಿದ ಸಾರ್ವಜನಿಕ ಹಿತಾಸಕ್ತಿ ಅರ್ಜಿಯ ವಿಚಾರಣೆ ನಡೆಸಿದ ಮುಖ್ಯ ನ್ಯಾಯಮೂರ್ತಿ ವಿಭು ಬಖ್ರು ಅವರಿದ್ದ ವಿಭಾಗೀಯ ಪೀಠ ಈ ನಿರ್ದೇಶನ ನೀಡಿದೆ.
ಮಾರ್ಗಸೂಚಿಗಳಲ್ಲಿ ಸುರಕ್ಷತಾ ಪರಿಕರಗಳನ್ನು ಒಳಗೊಳಿಸುವ ಬಗ್ಗೆ ಸರ್ಕಾರ ಕ್ರಮಕೈಗೊಳ್ಳಬೇಕು. ಕೇಂದ್ರ ಸರ್ಕಾರದ ನಿಯಮಗಳಂತೆ ಮಕ್ಕಳಿಗೆ ಹೆಲ್ಮೆಟ್ ಕಡ್ಡಾಯವಾಗಿದೆ. ಈ ನಿಯಮ 2023ರಲ್ಲಿ ಜಾರಿಗೆ ಬಂದಿದ್ದು ಅನುಷ್ಠಾನದಲ್ಲಿ ವಿಳಂಬವಾಗಿದೆ. ಪೀಠವು ಸರ್ಕಾರದ ಪ್ರತಿಕ್ರಿಯೆ ಕೇಳಿದೆ. ಮುಂದಿನ ವಿಚಾರಣೆಯನ್ನು ಮುಂದೂಡಲಾಗಿದೆ.
ಹೊಸ ನಿಯಮಗಳು:
ಮಕ್ಕಳಿಗೆ ಸುರಕ್ಷತಾ ಪರಿಕರಗಳನ್ನು ಕೇಂದ್ರ ಮೋಟಾರು ವಾಹನ (ಎರಡನೇ ತಿದ್ದುಪಡಿ) ನಿಯಮಗಳು, 2022ರ ಸೆಕ್ಷನ್ 138(7)ರ ಮೂಲಕ ಪರಿಚಯಿಸಲಾಗಿದೆ. ಸುರಕ್ಷತಾ ಸರಂಜಾಮು ಧರಿಸುವುದು ಕಡ್ಡಾಯವಾಗಿ ಪಾಲಿಸಬೇಕು. 9 ತಿಂಗಳಿಂದ 4 ವರ್ಷದ ಮಕ್ಕಳಿಗೆ ಸುರಕ್ಷತಾ ಹಾರ್ನೆಸ್ ಮತ್ತು ಹೆಲ್ಮೆಟ್ ಕಡ್ಡಾಯ. ವಾಹನ ವೇಗ ಗಂಟೆಗೆ 40 ಕಿ.ಮೀ. ಮೀರಬಾರದು ಎಂದು ಅರ್ಜಿಯಲ್ಲಿ ಕೋರಲಾಗಿದೆ. ಈ ಕುರಿತು ಸರ್ಕಾರ ಸಂಬಂಧಿತ ಪ್ರಾಧಿಕಾರಗಳಿಗೆ ಸೂಚನೆ ನೀಡಬೇಕು ಎಂದು ಹೈಕೋರ್ಟ್ ಅರ್ಜಿ ಇತ್ಯರ್ಥಪಡಿಸಿದೆ.
ಪ್ರಕರಣದ ವಿವರ:
Sanjevani - Printed and Published by B.T.Amuthan on behalf of M/s Karnataka News Publications (P) Ltd. Printed at Dinasudar Printing Division, 11/2, Queen's Road, Bangalore, Karnataka - 560052.
Published at M/s Karnataka News Publications (P) Ltd. 11/2, Queen's Road, Bangalore, Karnataka - 560052. Editor: B.T. Amuthan. RNI No.36667/82
